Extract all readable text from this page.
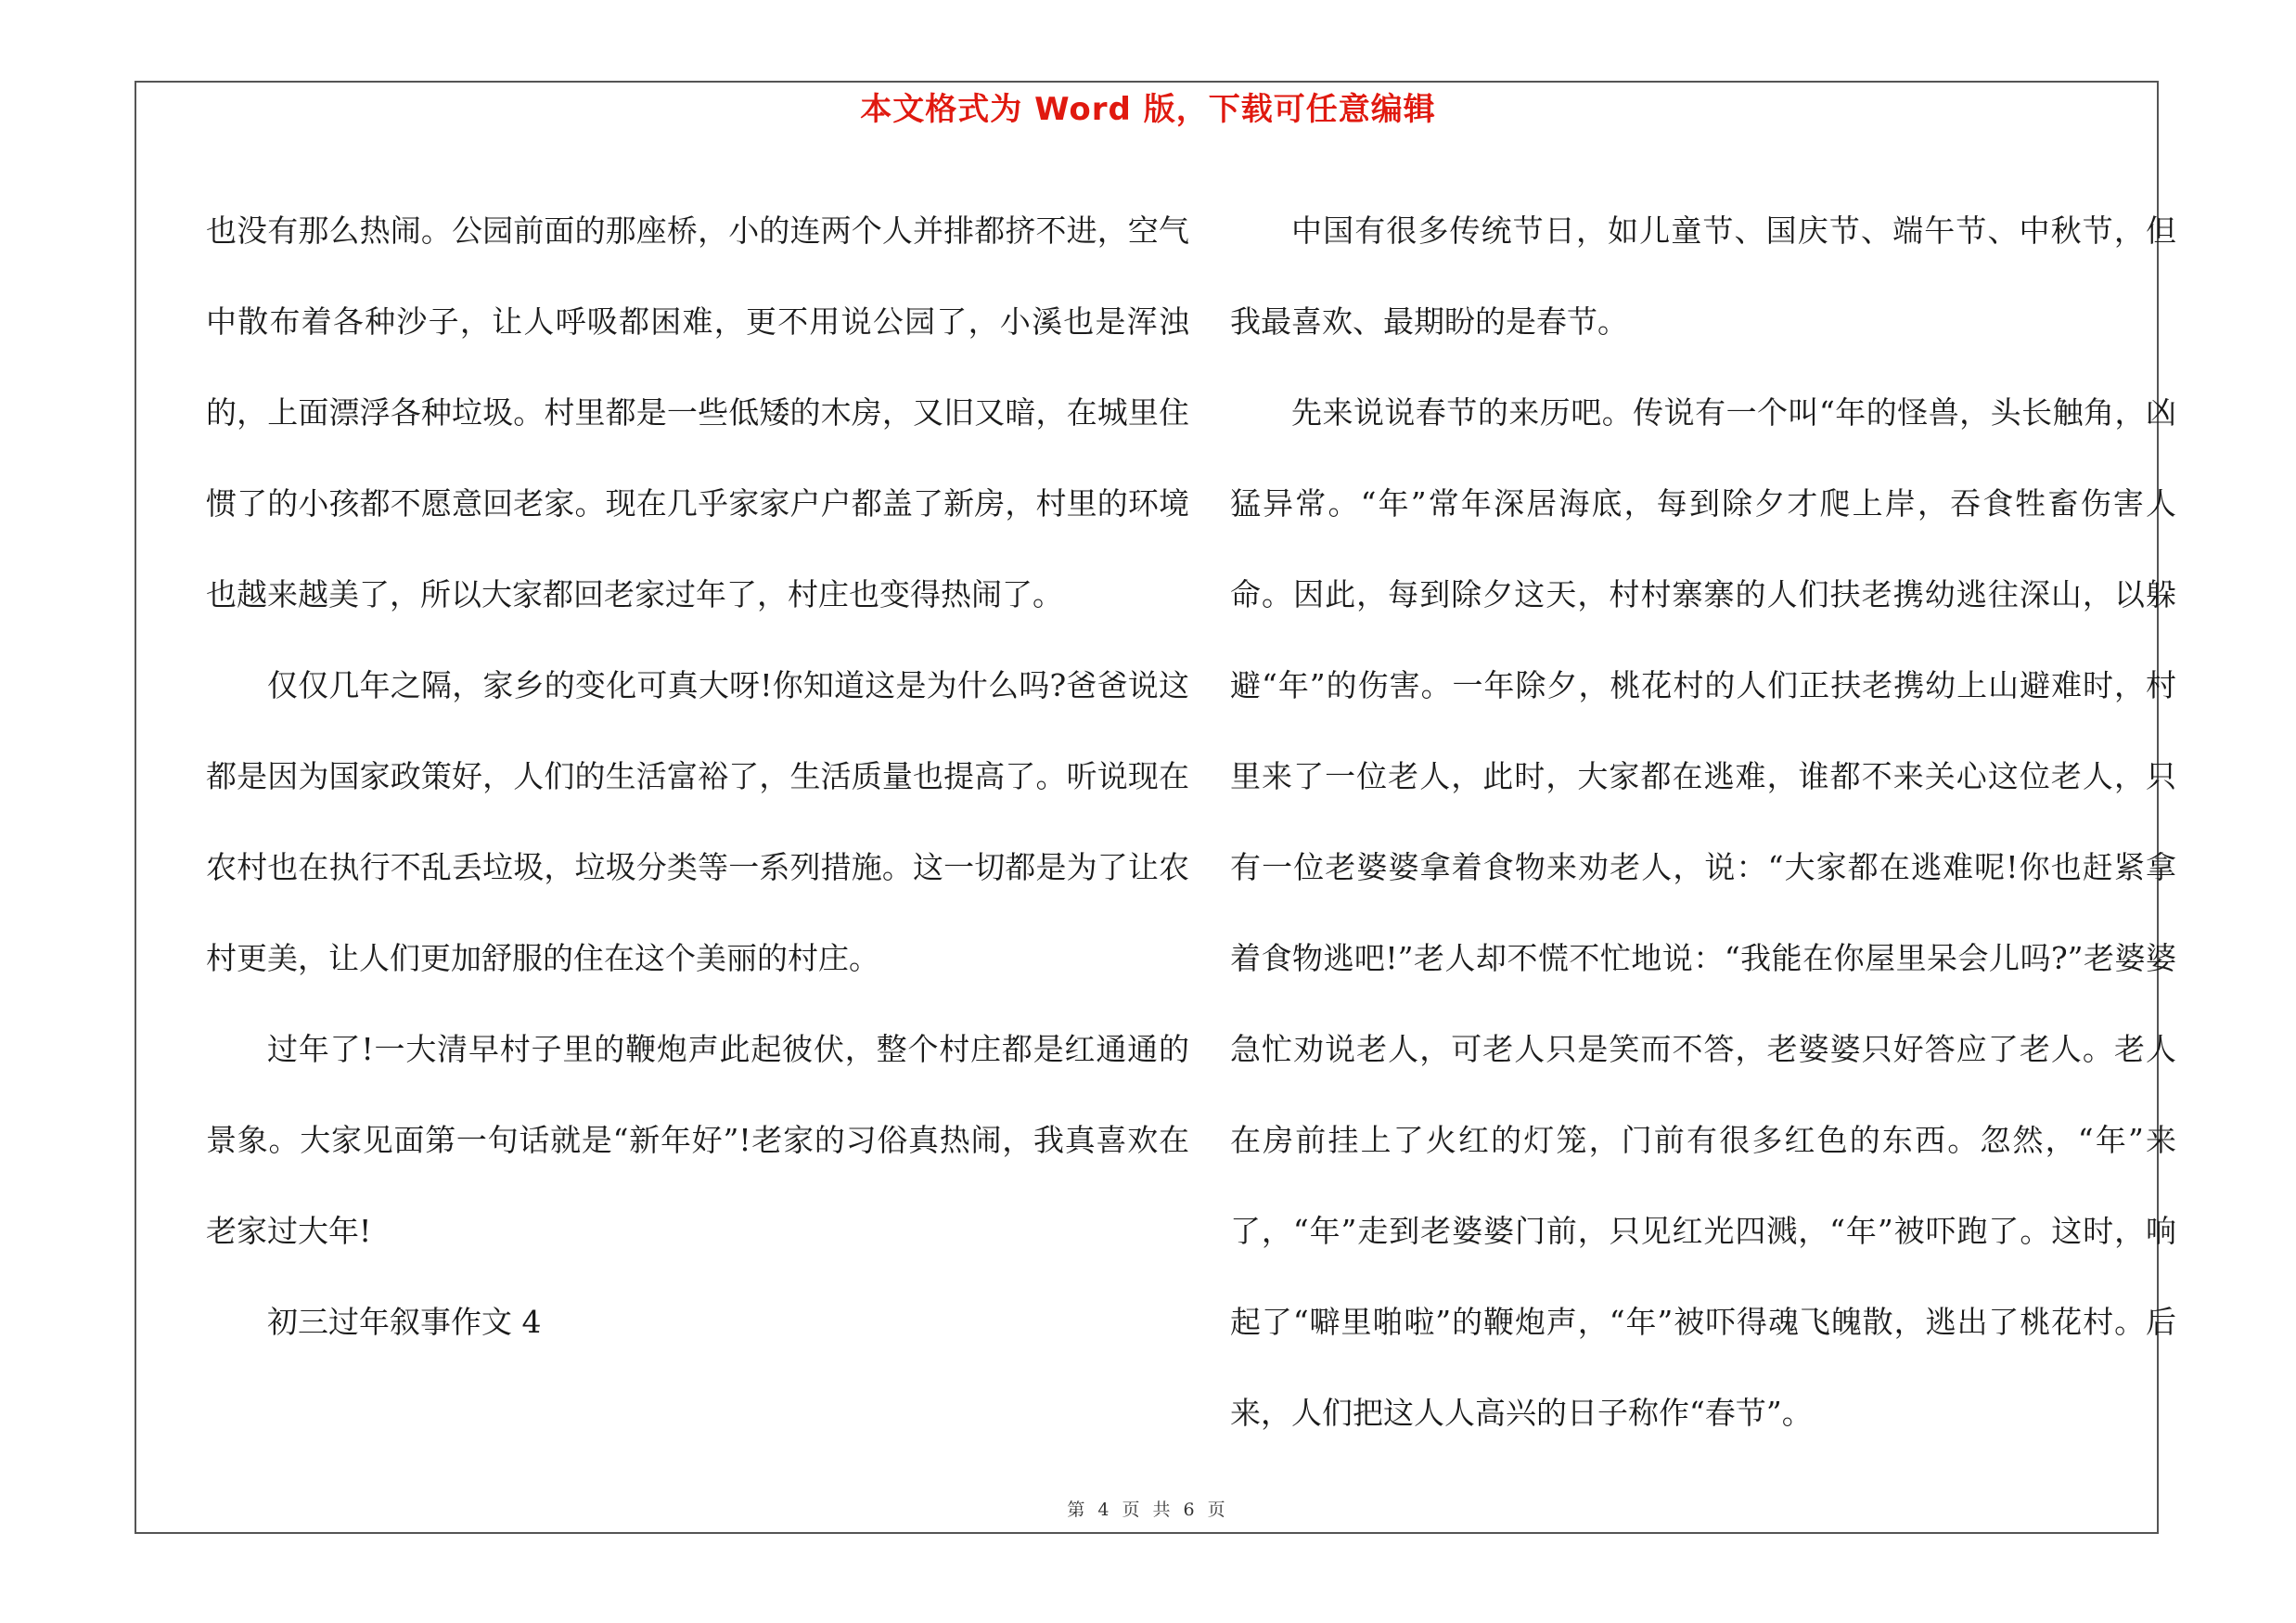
本文格式为 Word 版，下载可任意编辑

也没有那么热闹。公园前面的那座桥，小的连两个人并排都挤不进，空气中散布着各种沙子，让人呼吸都困难，更不用说公园了，小溪也是浑浊的，上面漂浮各种垃圾。村里都是一些低矮的木房，又旧又暗，在城里住惯了的小孩都不愿意回老家。现在几乎家家户户都盖了新房，村里的环境也越来越美了，所以大家都回老家过年了，村庄也变得热闹了。

仅仅几年之隔，家乡的变化可真大呀!你知道这是为什么吗?爸爸说这都是因为国家政策好，人们的生活富裕了，生活质量也提高了。听说现在农村也在执行不乱丢垃圾，垃圾分类等一系列措施。这一切都是为了让农村更美，让人们更加舒服的住在这个美丽的村庄。

过年了!一大清早村子里的鞭炮声此起彼伏，整个村庄都是红通通的景象。大家见面第一句话就是“新年好”!老家的习俗真热闹，我真喜欢在老家过大年!

初三过年叙事作文 4

中国有很多传统节日，如儿童节、国庆节、端午节、中秋节，但我最喜欢、最期盼的是春节。

先来说说春节的来历吧。传说有一个叫“年的怪兽，头长触角，凶猛异常。“年”常年深居海底，每到除夕才爬上岸，吞食牲畜伤害人命。因此，每到除夕这天，村村寨寨的人们扶老携幼逃往深山，以躲避“年”的伤害。一年除夕，桃花村的人们正扶老携幼上山避难时，村里来了一位老人，此时，大家都在逃难，谁都不来关心这位老人，只有一位老婆婆拿着食物来劝老人，说：“大家都在逃难呢!你也赶紧拿着食物逃吧!”老人却不慌不忙地说：“我能在你屋里呆会儿吗?”老婆婆急忙劝说老人，可老人只是笑而不答，老婆婆只好答应了老人。老人在房前挂上了火红的灯笼，门前有很多红色的东西。忽然，“年”来了，“年”走到老婆婆门前，只见红光四溅，“年”被吓跑了。这时，响起了“噼里啪啦”的鞭炮声，“年”被吓得魂飞魄散，逃出了桃花村。后来，人们把这人人高兴的日子称作“春节”。

第 4 页 共 6 页
